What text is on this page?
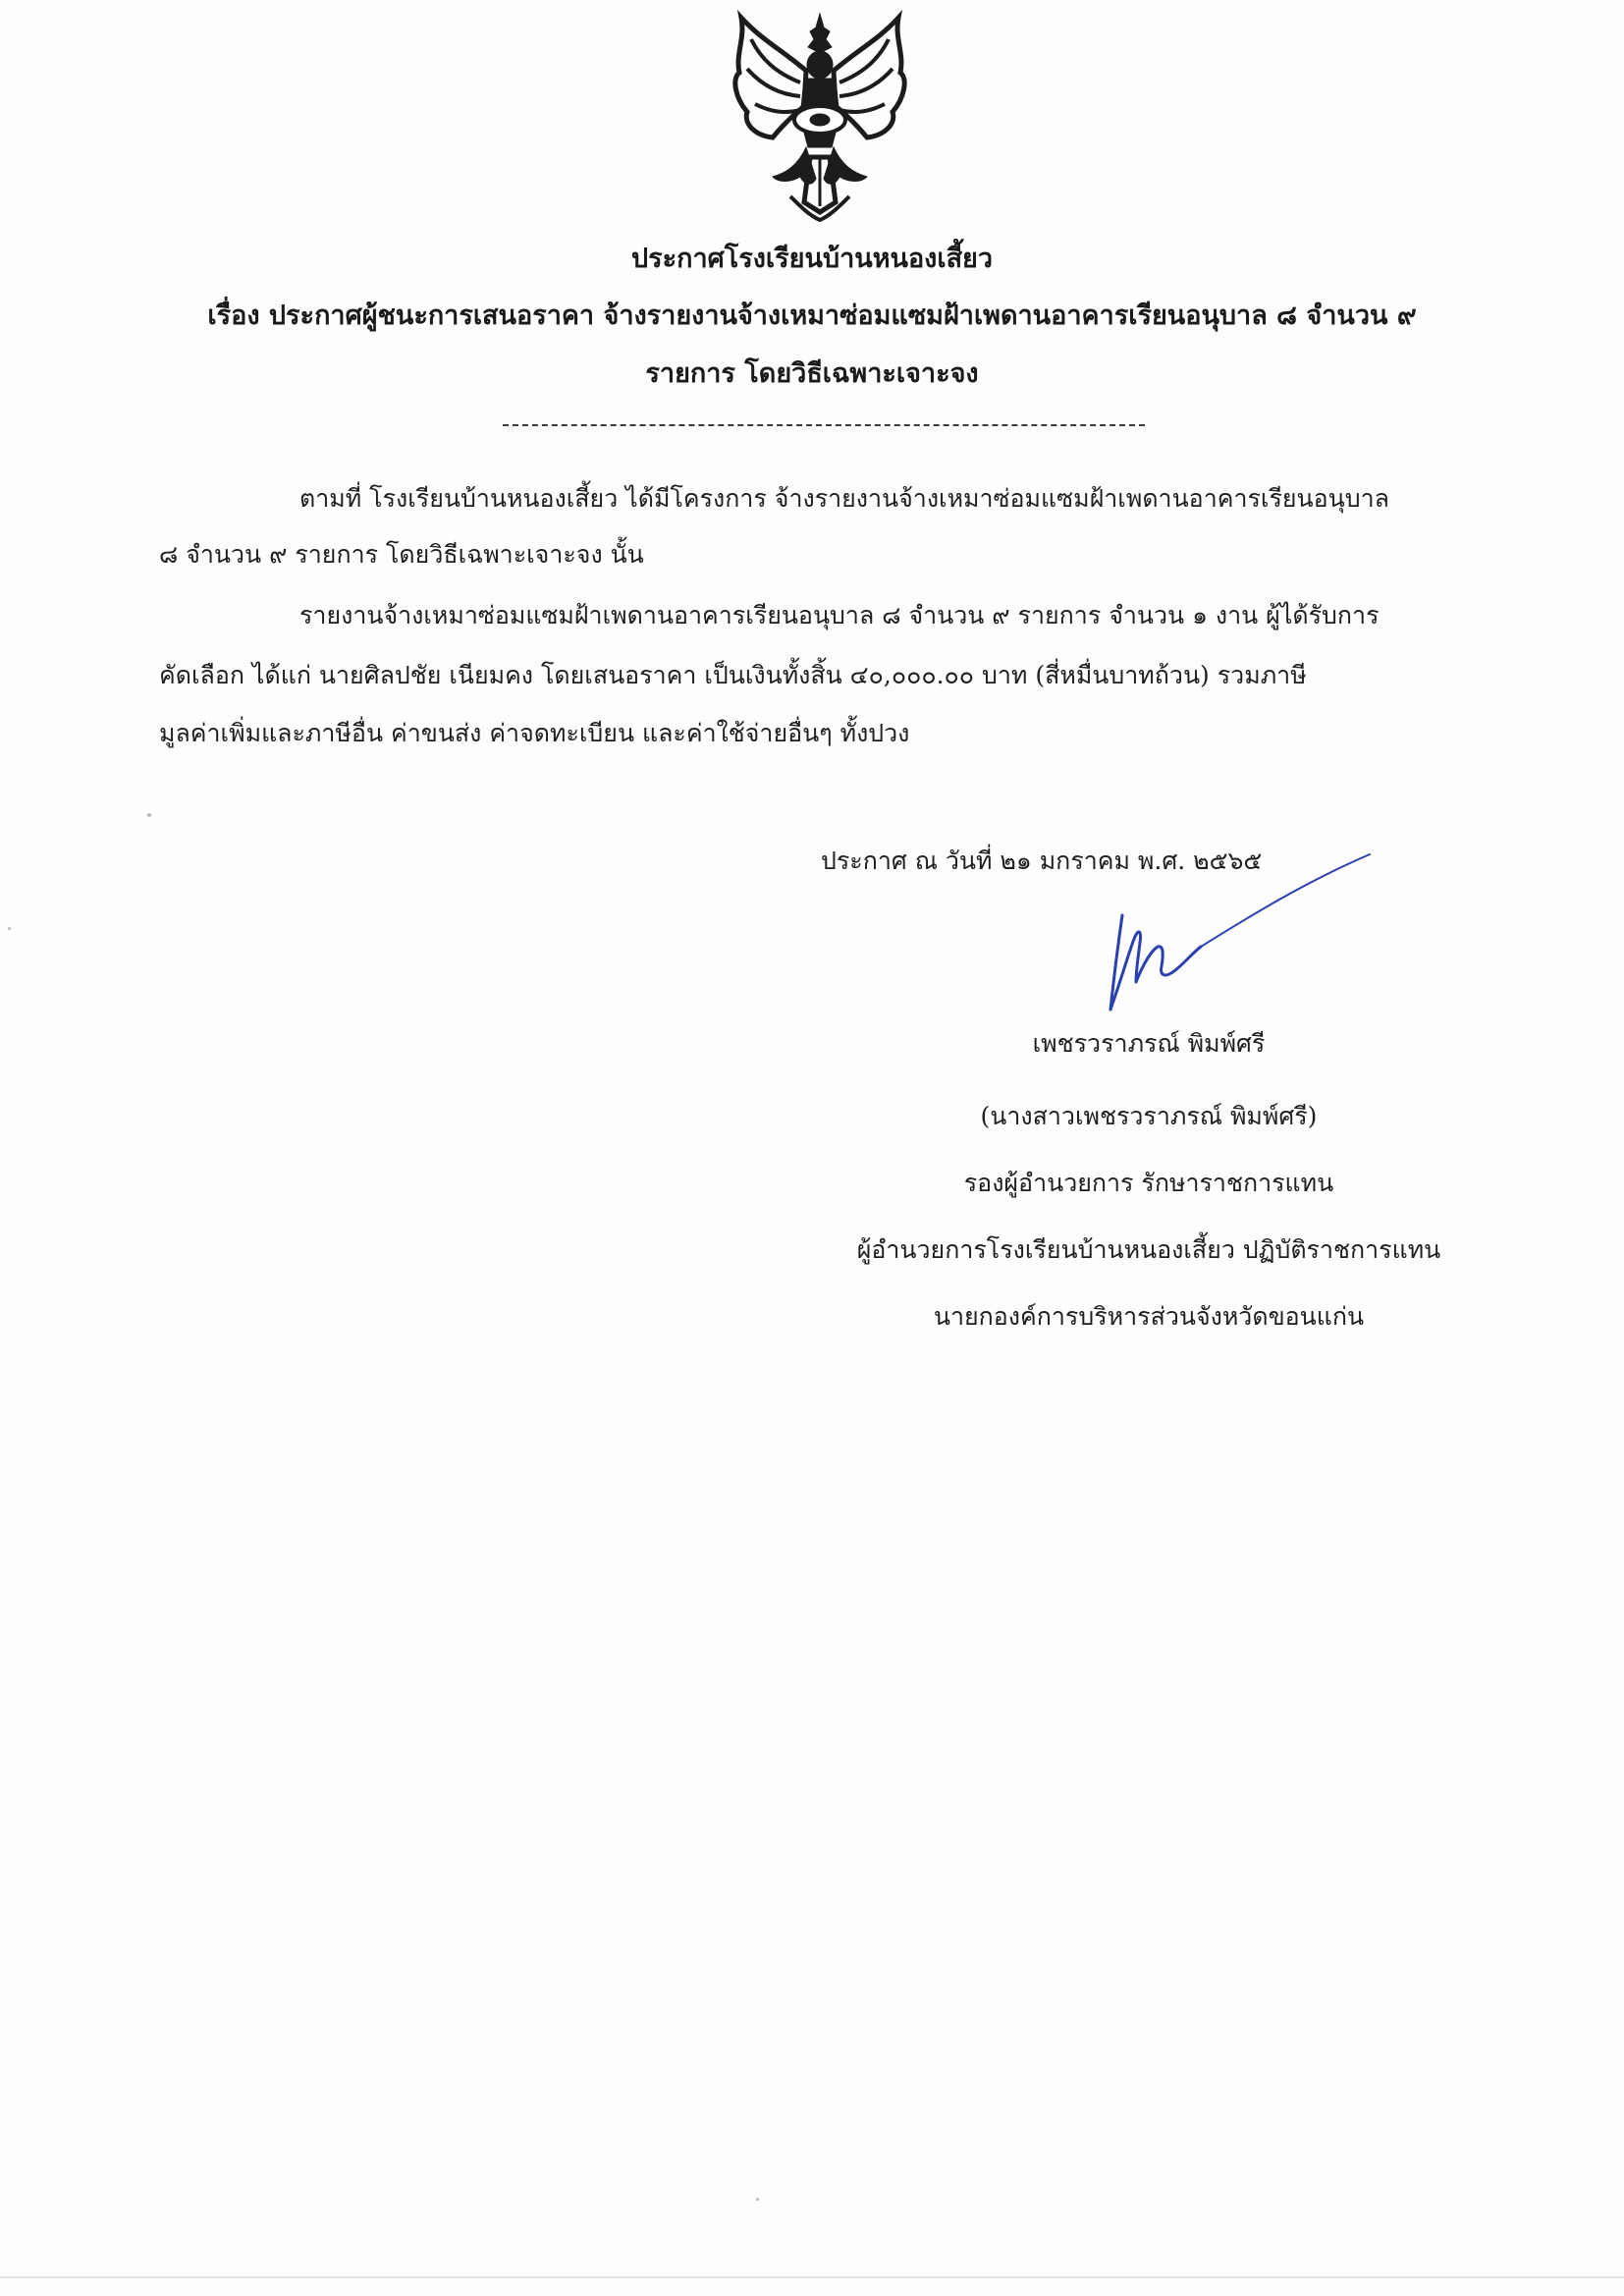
ประกาศโรงเรียนบ้านหนองเสี้ยว
เรื่อง ประกาศผู้ชนะการเสนอราคา จ้างรายงานจ้างเหมาซ่อมแซมฝ้าเพดานอาคารเรียนอนุบาล ๘ จำนวน ๙
รายการ โดยวิธีเฉพาะเจาะจง
ตามที่ โรงเรียนบ้านหนองเสี้ยว ได้มีโครงการ จ้างรายงานจ้างเหมาซ่อมแซมฝ้าเพดานอาคารเรียนอนุบาล
๘ จำนวน ๙ รายการ โดยวิธีเฉพาะเจาะจง นั้น
รายงานจ้างเหมาซ่อมแซมฝ้าเพดานอาคารเรียนอนุบาล ๘ จำนวน ๙ รายการ จำนวน ๑ งาน ผู้ได้รับการ
คัดเลือก ได้แก่ นายศิลปชัย เนียมคง โดยเสนอราคา เป็นเงินทั้งสิ้น ๔๐,๐๐๐.๐๐ บาท (สี่หมื่นบาทถ้วน) รวมภาษี
มูลค่าเพิ่มและภาษีอื่น ค่าขนส่ง ค่าจดทะเบียน และค่าใช้จ่ายอื่นๆ ทั้งปวง
ประกาศ ณ วันที่ ๒๑ มกราคม พ.ศ. ๒๕๖๕
เพชรวราภรณ์ พิมพ์ศรี
(นางสาวเพชรวราภรณ์ พิมพ์ศรี)
รองผู้อำนวยการ รักษาราชการแทน
ผู้อำนวยการโรงเรียนบ้านหนองเสี้ยว ปฏิบัติราชการแทน
นายกองค์การบริหารส่วนจังหวัดขอนแก่น
